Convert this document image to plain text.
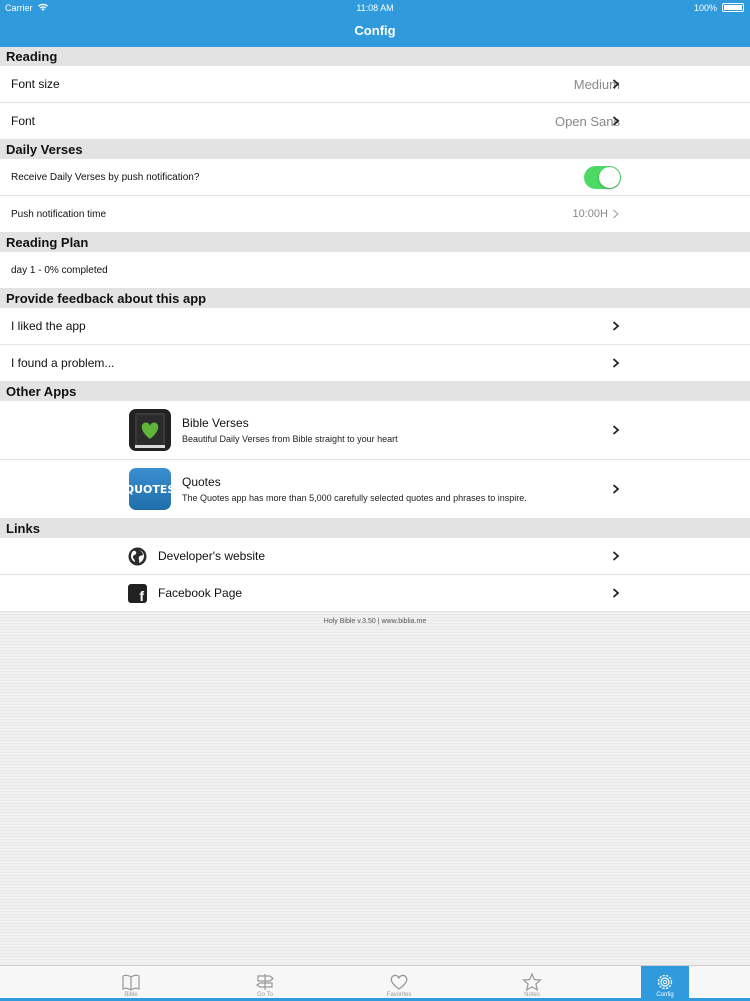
Carrier	11:08 AM	100%
Config
Reading
Font size	Medium
Font	Open Sans
Daily Verses
Receive Daily Verses by push notification?
Push notification time	10:00H
Reading Plan
day 1 - 0% completed
Provide feedback about this app
I liked the app
I found a problem...
Other Apps
Bible Verses
Beautiful Daily Verses from Bible straight to your heart
QUOTES Quotes
The Quotes app has more than 5,000 carefully selected quotes and phrases to inspire.
Links
Developer's website
f Facebook Page
Holy Bible v.3.50 | www.biblia.me
Bible	Go To	Favorites	Notes	Config
